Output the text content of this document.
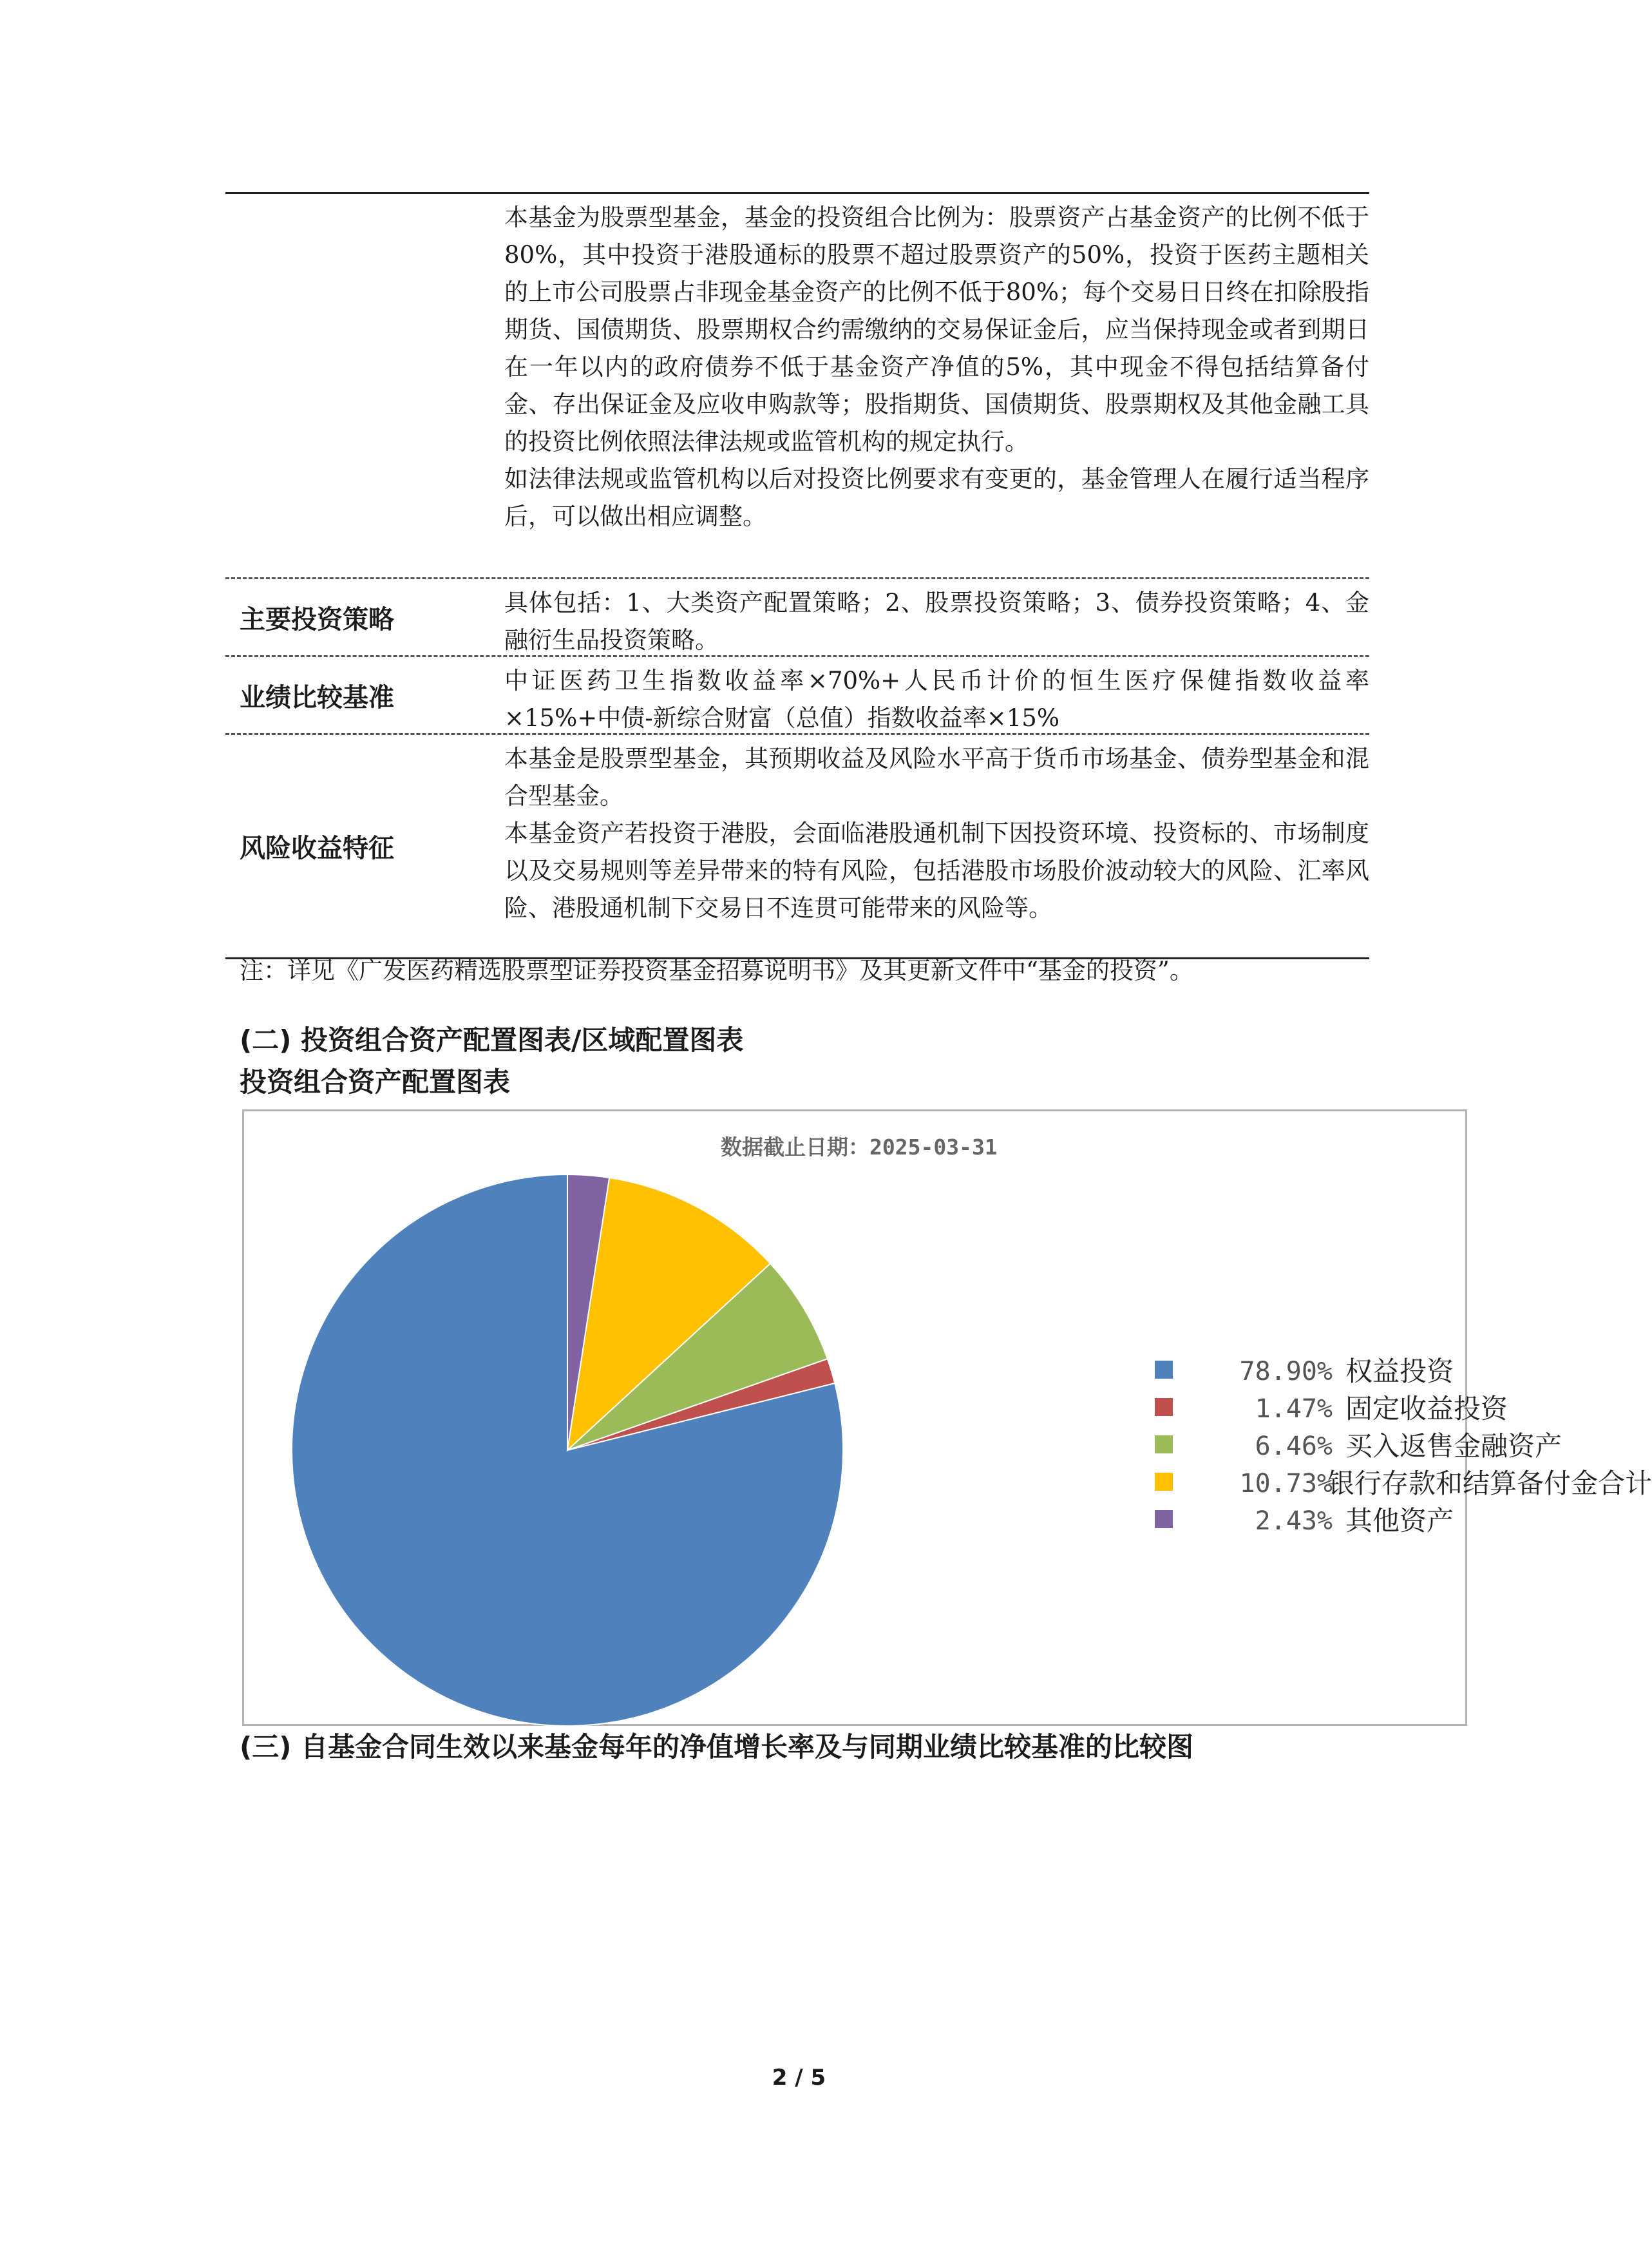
本基金为股票型基金，基金的投资组合比例为：股票资产占基金资产的比例不低于80%，其中投资于港股通标的股票不超过股票资产的50%，投资于医药主题相关的上市公司股票占非现金基金资产的比例不低于80%；每个交易日日终在扣除股指期货、国债期货、股票期权合约需缴纳的交易保证金后，应当保持现金或者到期日在一年以内的政府债券不低于基金资产净值的5%，其中现金不得包括结算备付金、存出保证金及应收申购款等；股指期货、国债期货、股票期权及其他金融工具的投资比例依照法律法规或监管机构的规定执行。

如法律法规或监管机构以后对投资比例要求有变更的，基金管理人在履行适当程序后，可以做出相应调整。

主要投资策略

具体包括：1、大类资产配置策略；2、股票投资策略；3、债券投资策略；4、金融衍生品投资策略。

业绩比较基准

中证医药卫生指数收益率×70%+人民币计价的恒生医疗保健指数收益率×15%+中债-新综合财富（总值）指数收益率×15%

风险收益特征

本基金是股票型基金，其预期收益及风险水平高于货币市场基金、债券型基金和混合型基金。

本基金资产若投资于港股，会面临港股通机制下因投资环境、投资标的、市场制度以及交易规则等差异带来的特有风险，包括港股市场股价波动较大的风险、汇率风险、港股通机制下交易日不连贯可能带来的风险等。

注：详见《广发医药精选股票型证券投资基金招募说明书》及其更新文件中“基金的投资”。
(二) 投资组合资产配置图表/区域配置图表
投资组合资产配置图表
数据截止日期：2025-03-31
78.90% 权益投资
1.47% 固定收益投资
6.46% 买入返售金融资产
10.73%
银行存款和结算备付金合计
2.43% 其他资产
(三) 自基金合同生效以来基金每年的净值增长率及与同期业绩比较基准的比较图
2 / 5
